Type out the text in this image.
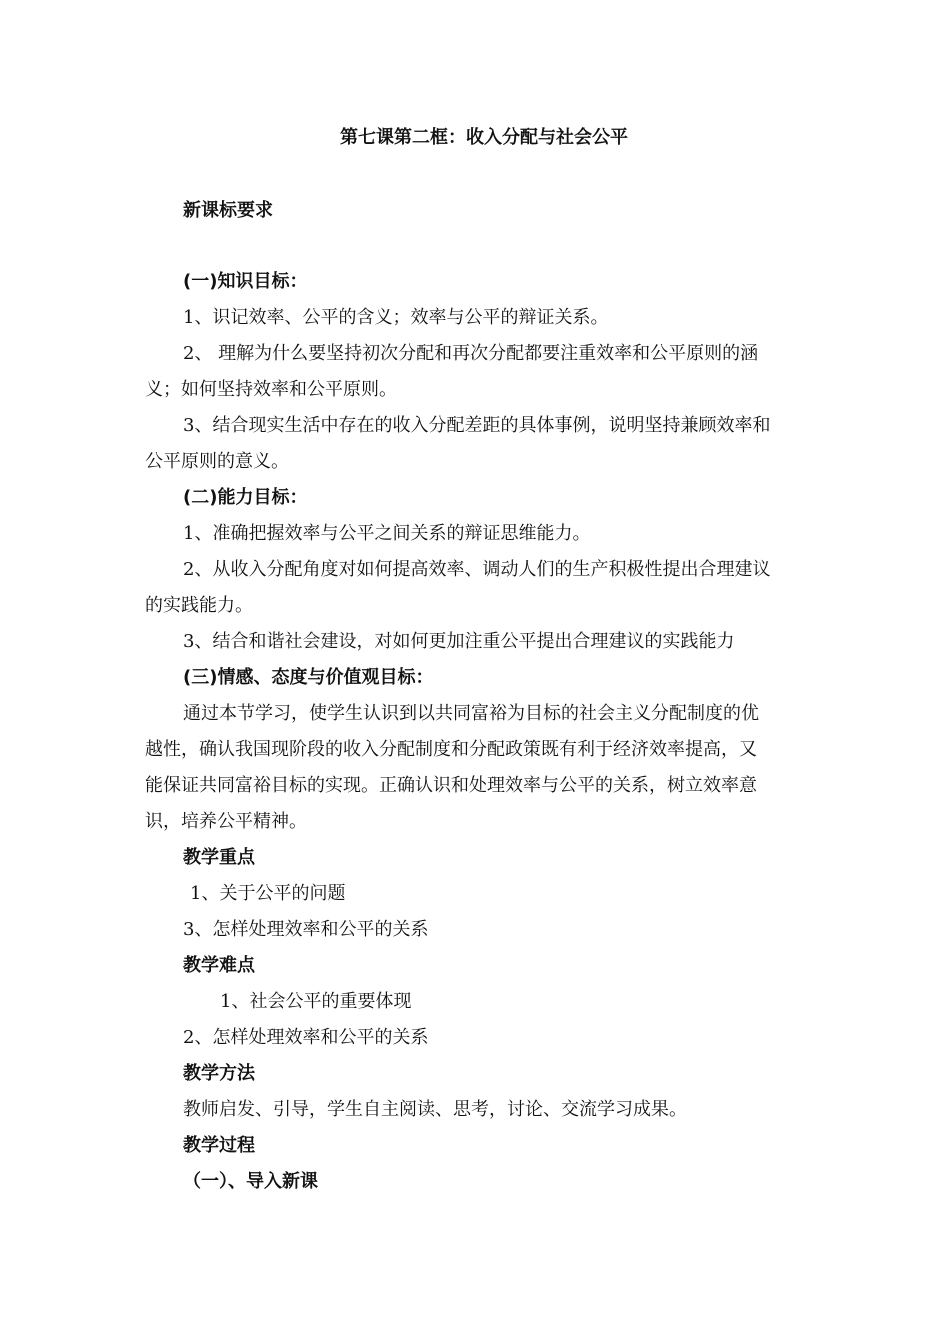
第七课第二框：收入分配与社会公平
新课标要求
(一)知识目标：
1、识记效率、公平的含义；效率与公平的辩证关系。
2、 理解为什么要坚持初次分配和再次分配都要注重效率和公平原则的涵
义；如何坚持效率和公平原则。
3、结合现实生活中存在的收入分配差距的具体事例，说明坚持兼顾效率和
公平原则的意义。
(二)能力目标：
1、准确把握效率与公平之间关系的辩证思维能力。
2、从收入分配角度对如何提高效率、调动人们的生产积极性提出合理建议
的实践能力。
3、结合和谐社会建设，对如何更加注重公平提出合理建议的实践能力
(三)情感、态度与价值观目标：
通过本节学习，使学生认识到以共同富裕为目标的社会主义分配制度的优
越性，确认我国现阶段的收入分配制度和分配政策既有利于经济效率提高，又
能保证共同富裕目标的实现。正确认识和处理效率与公平的关系，树立效率意
识，培养公平精神。
教学重点
1、关于公平的问题
3、怎样处理效率和公平的关系
教学难点
1、社会公平的重要体现
2、怎样处理效率和公平的关系
教学方法
教师启发、引导，学生自主阅读、思考，讨论、交流学习成果。
教学过程
（一）、导入新课
